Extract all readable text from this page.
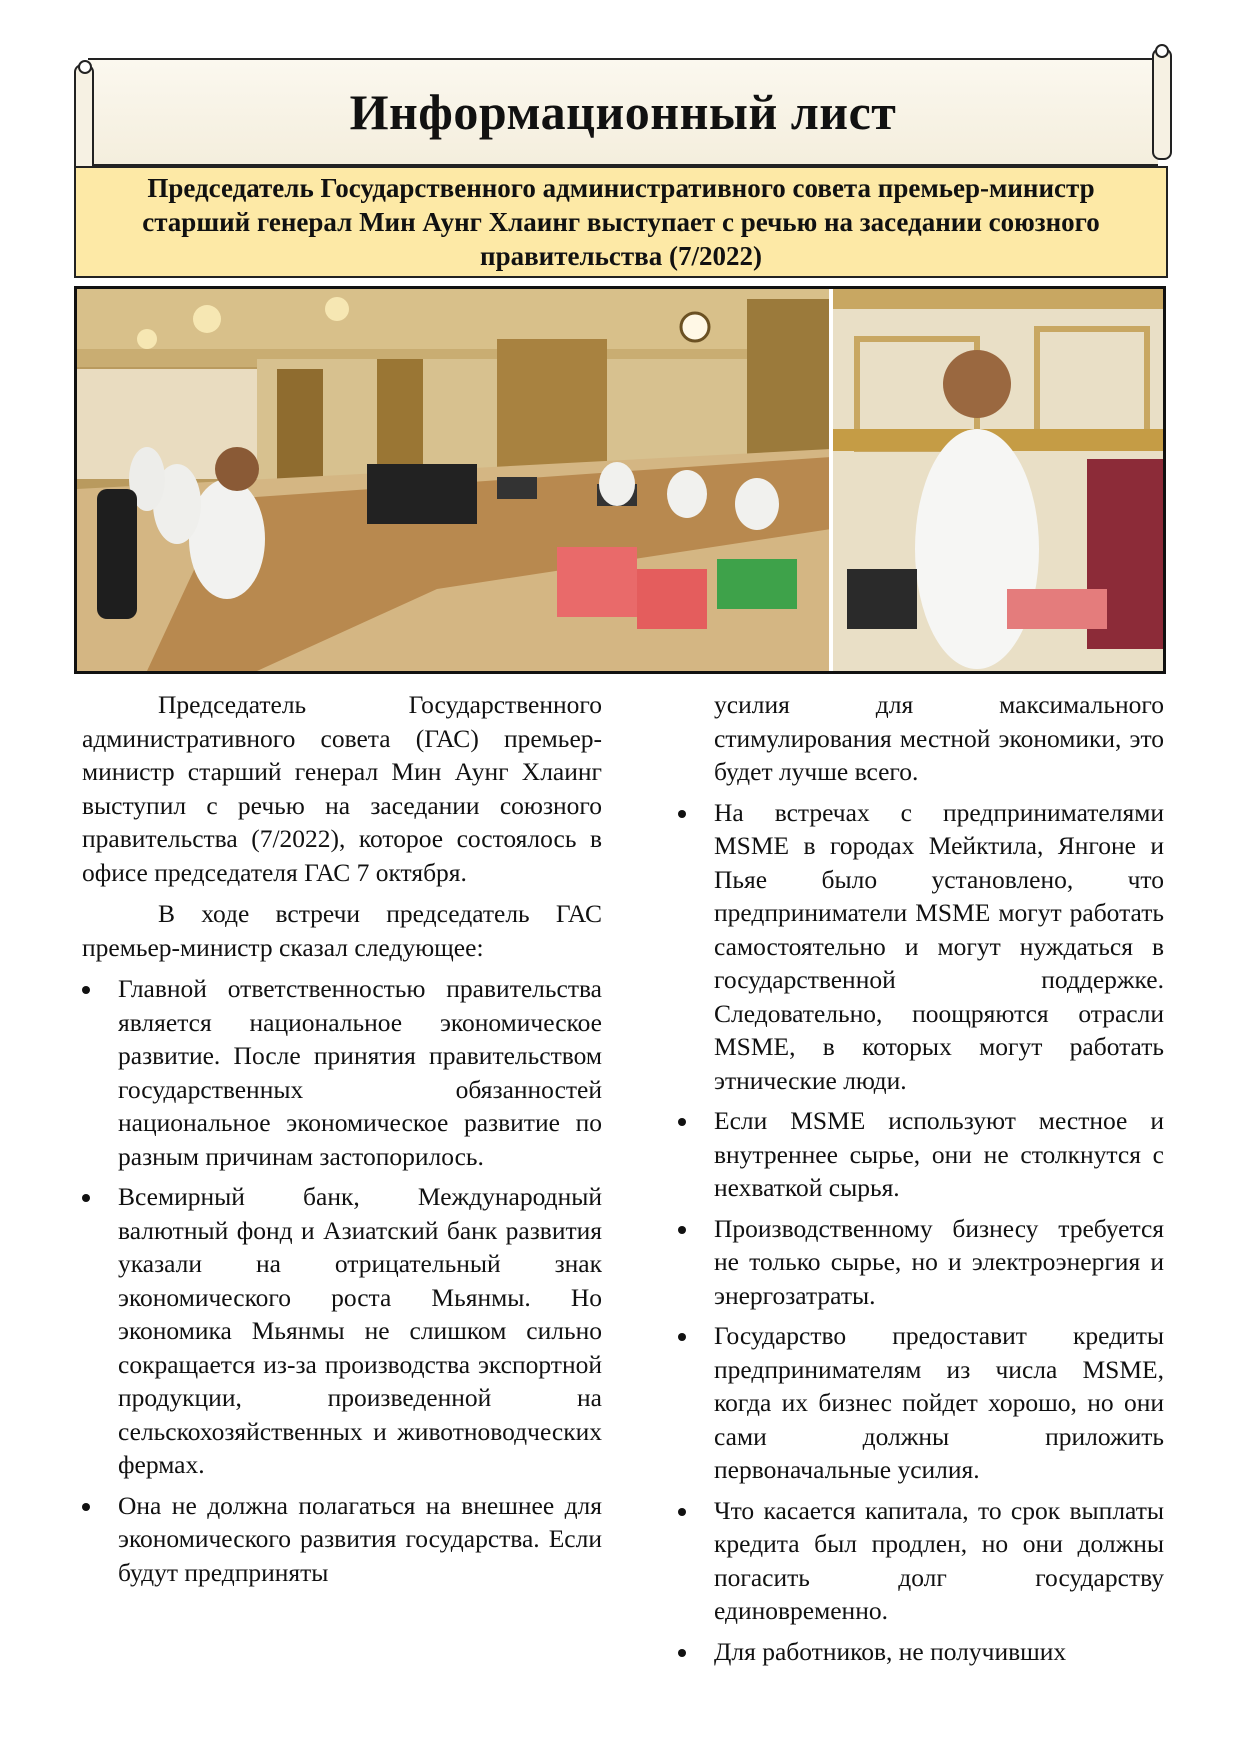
Информационный лист
Председатель Государственного административного совета премьер-министр старший генерал Мин Аунг Хлаинг выступает с речью на заседании союзного правительства (7/2022)

Председатель Государственного административного совета (ГАС) премьер-министр старший генерал Мин Аунг Хлаинг выступил с речью на заседании союзного правительства (7/2022), которое состоялось в офисе председателя ГАС 7 октября.

В ходе встречи председатель ГАС премьер-министр сказал следующее:

Главной ответственностью правительства является национальное экономическое развитие. После принятия правительством государственных обязанностей национальное экономическое развитие по разным причинам застопорилось.
Всемирный банк, Международный валютный фонд и Азиатский банк развития указали на отрицательный знак экономического роста Мьянмы. Но экономика Мьянмы не слишком сильно сокращается из-за производства экспортной продукции, произведенной на сельскохозяйственных и животноводческих фермах.
Она не должна полагаться на внешнее для экономического развития государства. Если будут предприняты
усилия для максимального стимулирования местной экономики, это будет лучше всего.
На встречах с предпринимателями MSME в городах Мейктила, Янгоне и Пьяе было установлено, что предприниматели MSME могут работать самостоятельно и могут нуждаться в государственной поддержке. Следовательно, поощряются отрасли MSME, в которых могут работать этнические люди.
Если MSME используют местное и внутреннее сырье, они не столкнутся с нехваткой сырья.
Производственному бизнесу требуется не только сырье, но и электроэнергия и энергозатраты.
Государство предоставит кредиты предпринимателям из числа MSME, когда их бизнес пойдет хорошо, но они сами должны приложить первоначальные усилия.
Что касается капитала, то срок выплаты кредита был продлен, но они должны погасить долг государству единовременно.
Для работников, не получивших
